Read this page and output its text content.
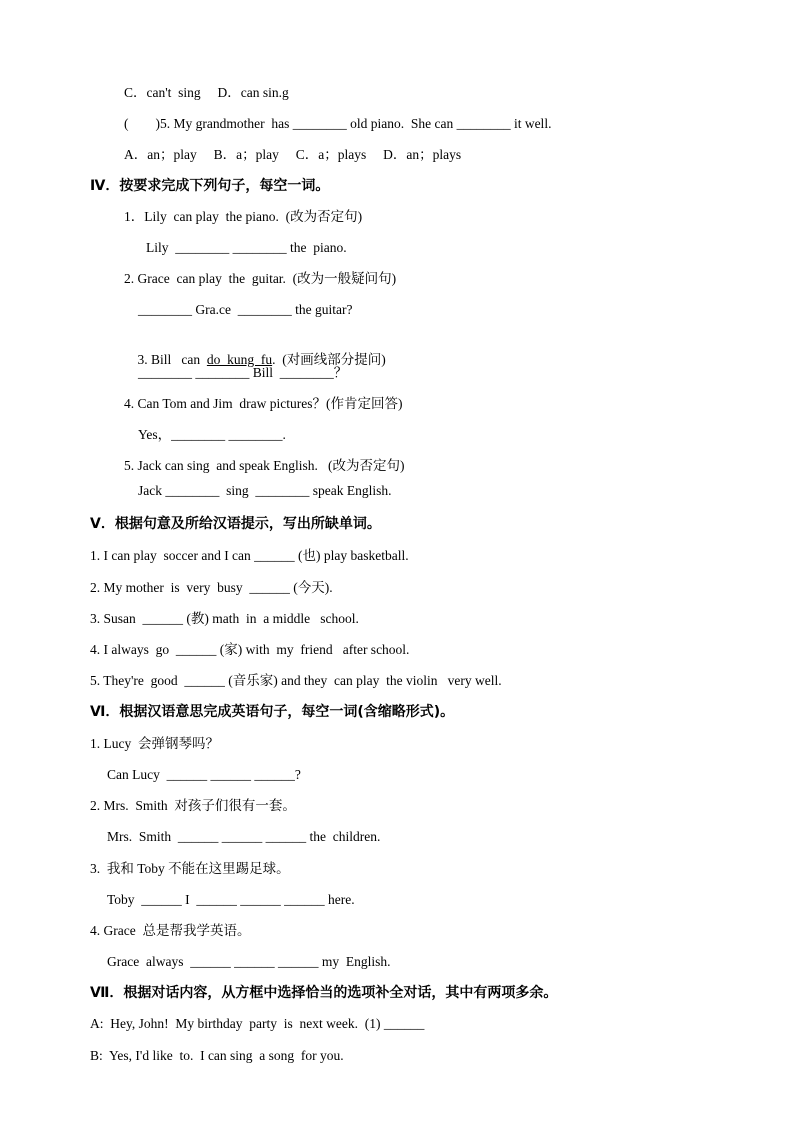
C．can't  sing     D．can sin.g
(        )5. My grandmother  has ________ old piano.  She can ________ it well.
A．an；play     B．a；play     C．a；plays     D．an；plays
Ⅳ．按要求完成下列句子，每空一词。
1．Lily  can play  the piano.  (改为否定句)
Lily  ________ ________ the  piano.
2. Grace  can play  the  guitar.  (改为一般疑问句)
________ Gra.ce  ________ the guitar?

3. Bill   can  do  kung  fu.  (对画线部分提问)

________ ________ Bill  ________？
4. Can Tom and Jim  draw pictures？(作肯定回答)
Yes，________ ________.
5. Jack can sing  and speak English.   (改为否定句)
Jack ________  sing  ________ speak English.
Ⅴ．根据句意及所给汉语提示，写出所缺单词。
1. I can play  soccer and I can ______ (也) play basketball.
2. My mother  is  very  busy  ______ (今天).
3. Susan  ______ (教) math  in  a middle   school.
4. I always  go  ______ (家) with  my  friend   after school.
5. They're  good  ______ (音乐家) and they  can play  the violin   very well.
Ⅵ．根据汉语意思完成英语句子，每空一词(含缩略形式)。
1. Lucy  会弹钢琴吗？
Can Lucy  ______ ______ ______?
2. Mrs.  Smith  对孩子们很有一套。
Mrs.  Smith  ______ ______ ______ the  children.
3.  我和 Toby 不能在这里踢足球。
Toby  ______ I  ______ ______ ______ here.
4. Grace  总是帮我学英语。
Grace  always  ______ ______ ______ my  English.
Ⅶ．根据对话内容，从方框中选择恰当的选项补全对话，其中有两项多余。
A:  Hey, John!  My birthday  party  is  next week.  (1) ______
B:  Yes, I'd like  to.  I can sing  a song  for you.
